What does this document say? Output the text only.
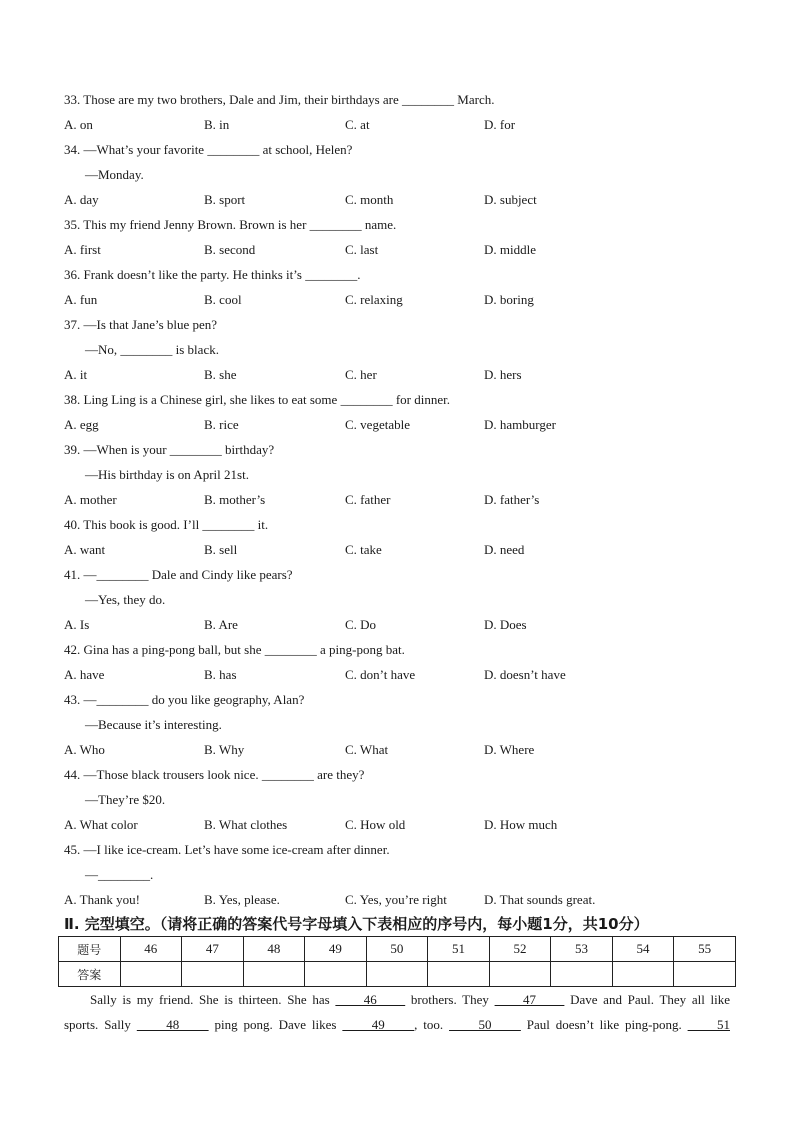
33. Those are my two brothers, Dale and Jim, their birthdays are ________ March.
A. on	B. in	C. at	D. for
34. —What’s your favorite ________ at school, Helen?
—Monday.
A. day	B. sport	C. month	D. subject
35. This my friend Jenny Brown. Brown is her ________ name.
A. first	B. second	C. last	D. middle
36. Frank doesn’t like the party. He thinks it’s ________.
A. fun	B. cool	C. relaxing	D. boring
37. —Is that Jane’s blue pen?
—No, ________ is black.
A. it	B. she	C. her	D. hers
38. Ling Ling is a Chinese girl, she likes to eat some ________ for dinner.
A. egg	B. rice	C. vegetable	D. hamburger
39. —When is your ________ birthday?
—His birthday is on April 21st.
A. mother	B. mother’s	C. father	D. father’s
40. This book is good. I’ll ________ it.
A. want	B. sell	C. take	D. need
41. —________ Dale and Cindy like pears?
—Yes, they do.
A. Is	B. Are	C. Do	D. Does
42. Gina has a ping-pong ball, but she ________ a ping-pong bat.
A. have	B. has	C. don’t have	D. doesn’t have
43. —________ do you like geography, Alan?
—Because it’s interesting.
A. Who	B. Why	C. What	D. Where
44. —Those black trousers look nice. ________ are they?
—They’re $20.
A. What color	B. What clothes	C. How old	D. How much
45. —I like ice-cream. Let’s have some ice-cream after dinner.
—________.
A. Thank you!	B. Yes, please.	C. Yes, you’re right	D. That sounds great.
Ⅱ. 完型填空。（请将正确的答案代号字母填入下表相应的序号内，每小题1分，共10分）
题号	46	47	48	49	50	51	52	53	54	55
答案										
Sally is my friend. She is thirteen. She has      46      brothers. They      47      Dave and Paul. They all like
sports. Sally      48      ping pong. Dave likes      49     , too.      50      Paul doesn’t like ping-pong.      51
